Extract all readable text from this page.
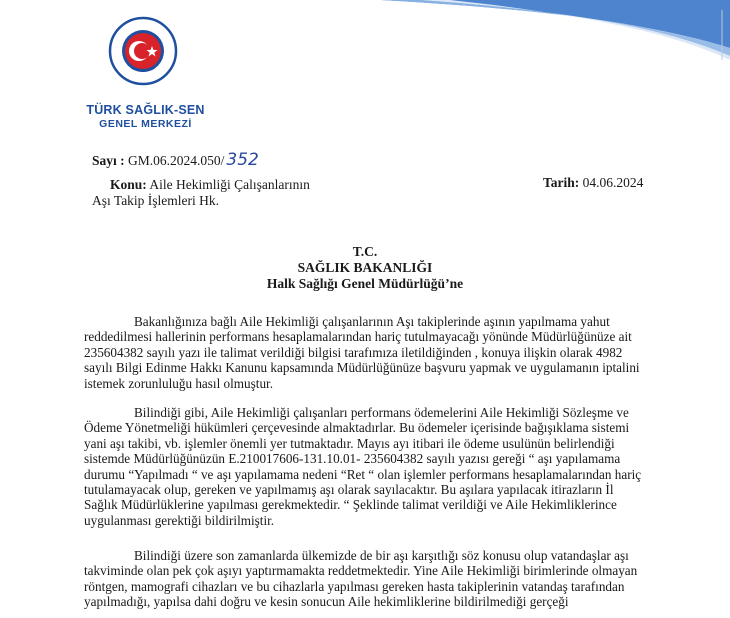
TÜRK SAĞLIK-SEN
GENEL MERKEZİ
Sayı : GM.06.2024.050/ 352
Konu: Aile Hekimliği Çalışanlarının
Aşı Takip İşlemleri Hk.
Tarih: 04.06.2024
T.C.
SAĞLIK BAKANLIĞI
Halk Sağlığı Genel Müdürlüğü’ne

Bakanlığınıza bağlı Aile Hekimliği çalışanlarının Aşı takiplerinde aşının yapılmama yahut

reddedilmesi hallerinin performans hesaplamalarından hariç tutulmayacağı yönünde Müdürlüğünüze ait

235604382 sayılı yazı ile talimat verildiği bilgisi tarafımıza iletildiğinden , konuya ilişkin olarak 4982

sayılı Bilgi Edinme Hakkı Kanunu kapsamında Müdürlüğünüze başvuru yapmak ve uygulamanın iptalini

istemek zorunluluğu hasıl olmuştur.

Bilindiği gibi, Aile Hekimliği çalışanları performans ödemelerini Aile Hekimliği Sözleşme ve

Ödeme Yönetmeliği hükümleri çerçevesinde almaktadırlar. Bu ödemeler içerisinde bağışıklama sistemi

yani aşı takibi, vb. işlemler önemli yer tutmaktadır. Mayıs ayı itibari ile ödeme usulünün belirlendiği

sistemde Müdürlüğünüzün E.210017606-131.10.01- 235604382 sayılı yazısı gereği “ aşı yapılamama

durumu “Yapılmadı “ ve aşı yapılamama nedeni “Ret “ olan işlemler performans hesaplamalarından hariç

tutulamayacak olup, gereken ve yapılmamış aşı olarak sayılacaktır. Bu aşılara yapılacak itirazların İl

Sağlık Müdürlüklerine yapılması gerekmektedir. “ Şeklinde talimat verildiği ve Aile Hekimliklerince

uygulanması gerektiği bildirilmiştir.

Bilindiği üzere son zamanlarda ülkemizde de bir aşı karşıtlığı söz konusu olup vatandaşlar aşı

takviminde olan pek çok aşıyı yaptırmamakta reddetmektedir. Yine Aile Hekimliği birimlerinde olmayan

röntgen, mamografi cihazları ve bu cihazlarla yapılması gereken hasta takiplerinin vatandaş tarafından

yapılmadığı, yapılsa dahi doğru ve kesin sonucun Aile hekimliklerine bildirilmediği gerçeği
